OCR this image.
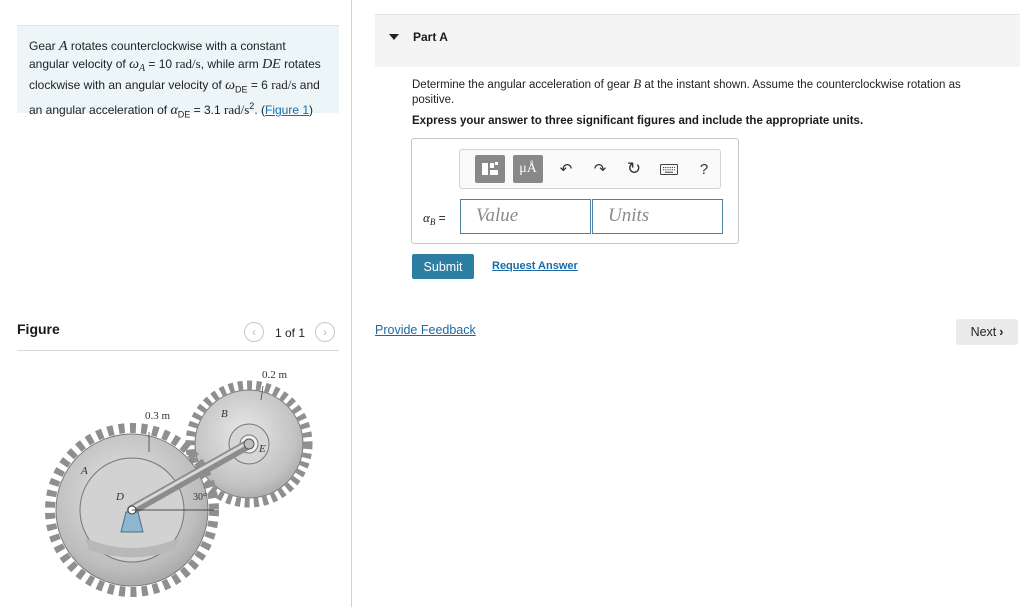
Gear A rotates counterclockwise with a constant angular velocity of $\omega_A = 10$ rad/s, while arm DE rotates clockwise with an angular velocity of $\omega_{DE} = 6$ rad/s and an angular acceleration of $\alpha_{DE} = 3.1$ rad/$s^2$. (Figure 1)
Figure	‹	1 of 1	›
0.2 m
0.3 m
A
B
D
E
30°
Part A
Determine the angular acceleration of gear B at the instant shown. Assume the counterclockwise rotation as positive.
Express your answer to three significant figures and include the appropriate units.
μÅ	↶	↷ ↻	?
$\alpha_B$ =	Value	Units
Submit	Request Answer
Provide Feedback	Next ›
